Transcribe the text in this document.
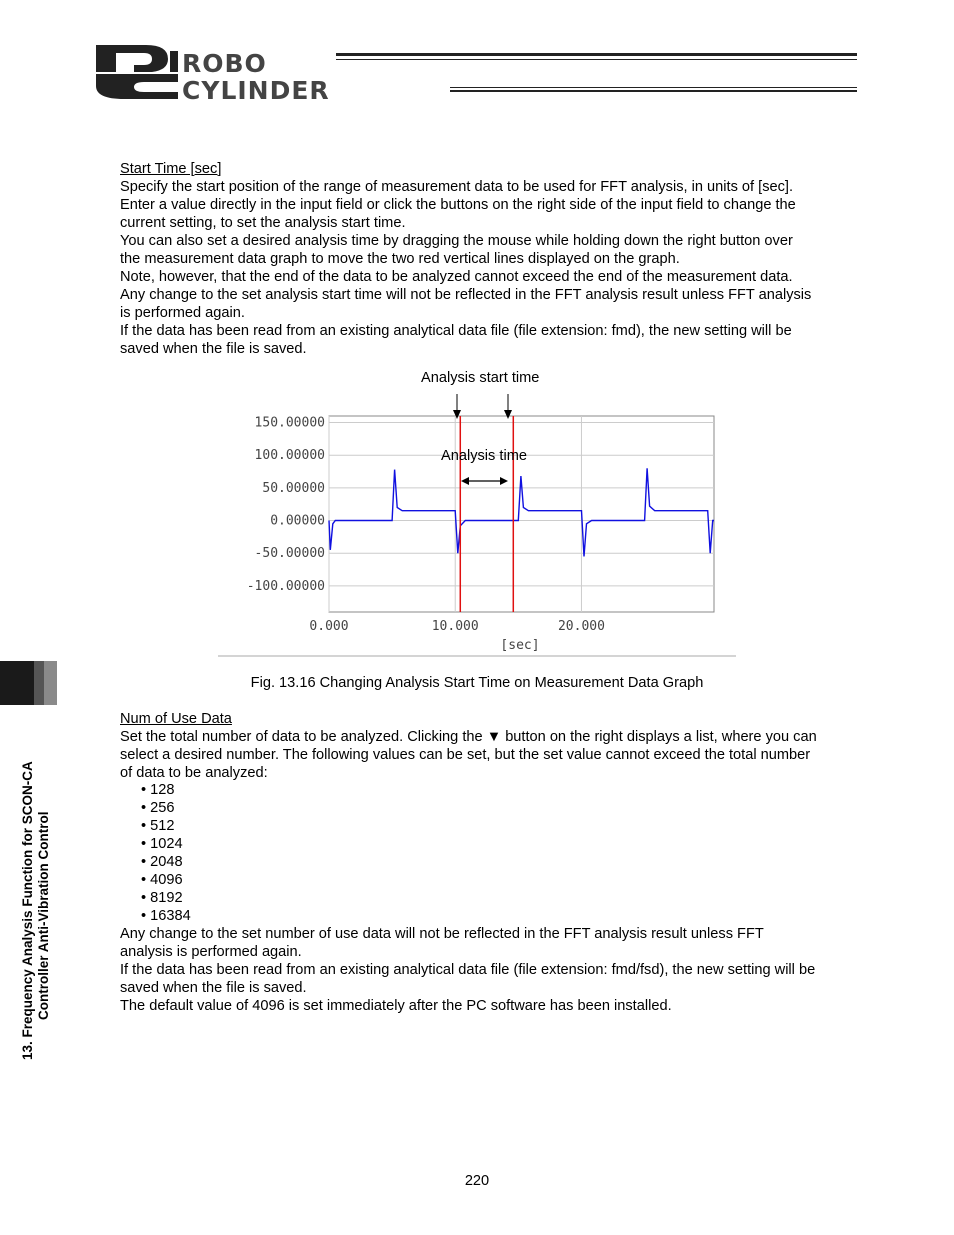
ROBO
CYLINDER
13. Frequency Analysis Function for SCON-CA Controller Anti-Vibration Control
Start Time [sec]
Specify the start position of the range of measurement data to be used for FFT analysis, in units of [sec].
Enter a value directly in the input field or click the buttons on the right side of the input field to change the
current setting, to set the analysis start time.
You can also set a desired analysis time by dragging the mouse while holding down the right button over
the measurement data graph to move the two red vertical lines displayed on the graph.
Note, however, that the end of the data to be analyzed cannot exceed the end of the measurement data.
Any change to the set analysis start time will not be reflected in the FFT analysis result unless FFT analysis
is performed again.
If the data has been read from an existing analytical data file (file extension: fmd), the new setting will be
saved when the file is saved.
Analysis start time
150.00000
100.00000
50.00000
0.00000
-50.00000
-100.00000
0.000	10.000	20.000
[sec]
Analysis time
Fig. 13.16 Changing Analysis Start Time on Measurement Data Graph
Num of Use Data
Set the total number of data to be analyzed. Clicking the ▼ button on the right displays a list, where you can
select a desired number. The following values can be set, but the set value cannot exceed the total number
of data to be analyzed:
• 128
• 256
• 512
• 1024
• 2048
• 4096
• 8192
• 16384
Any change to the set number of use data will not be reflected in the FFT analysis result unless FFT
analysis is performed again.
If the data has been read from an existing analytical data file (file extension: fmd/fsd), the new setting will be
saved when the file is saved.
The default value of 4096 is set immediately after the PC software has been installed.
220
